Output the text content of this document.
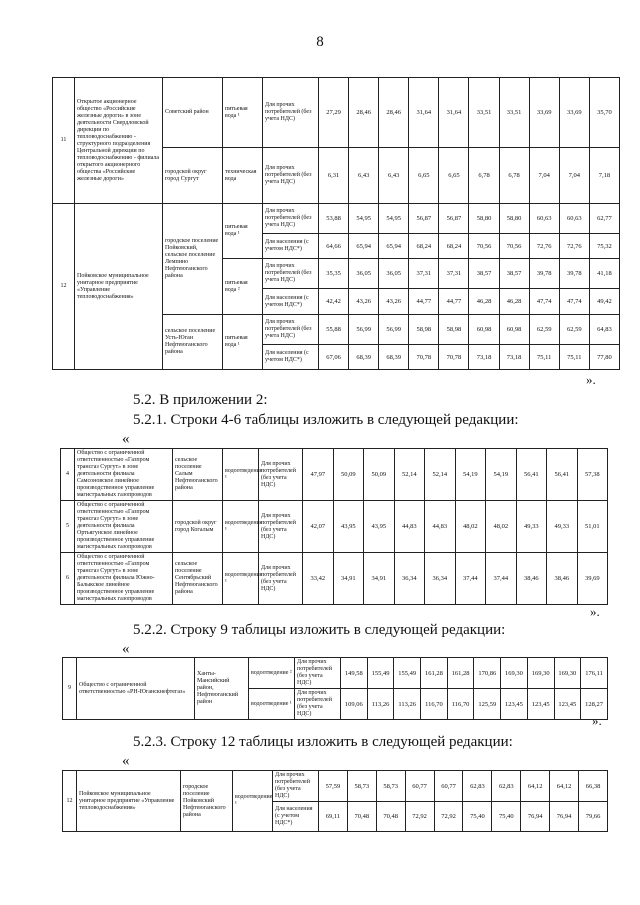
8
11	Открытое акционерное общество «Российские железные дороги» в зоне деятельности Свердловской дирекции по тепловодоснабжению - структурного подразделения Центральной дирекции по тепловодоснабжению - филиала открытого акционерного общества «Российские железные дороги»	Советский район	питьевая вода ¹	Для прочих потребителей (без учета НДС)	27,29	28,46	28,46	31,64	31,64	33,51	33,51	33,69	33,69	35,70
		городской округ город Сургут	техническая вода	Для прочих потребителей (без учета НДС)	6,31	6,43	6,43	6,65	6,65	6,78	6,78	7,04	7,04	7,18
12	Пойковское муниципальное унитарное предприятие «Управление тепловодоснабжения»	городское поселение Пойковский, сельское поселение Лемпино Нефтеюганского района	питьевая вода ¹	Для прочих потребителей (без учета НДС)	53,88	54,95	54,95	56,87	56,87	58,80	58,80	60,63	60,63	62,77
				Для населения (с учетом НДС*)	64,66	65,94	65,94	68,24	68,24	70,56	70,56	72,76	72,76	75,32
			питьевая вода ²	Для прочих потребителей (без учета НДС)	35,35	36,05	36,05	37,31	37,31	38,57	38,57	39,78	39,78	41,18
				Для населения (с учетом НДС*)	42,42	43,26	43,26	44,77	44,77	46,28	46,28	47,74	47,74	49,42
		сельское поселение Усть-Юган Нефтеюганского района	питьевая вода ¹	Для прочих потребителей (без учета НДС)	55,88	56,99	56,99	58,98	58,98	60,98	60,98	62,59	62,59	64,83
				Для населения (с учетом НДС*)	67,06	68,39	68,39	70,78	70,78	73,18	73,18	75,11	75,11	77,80
».
5.2. В приложении 2:
5.2.1. Строки 4-6 таблицы изложить в следующей редакции:
«
4	Общество с ограниченной ответственностью «Газпром трансгаз Сургут» в зоне деятельности филиала Самсоновское линейное производственное управление магистральных газопроводов	сельское поселение Салым Нефтеюганского района	водоотведение ¹	Для прочих потребителей (без учета НДС)	47,97	50,09	50,09	52,14	52,14	54,19	54,19	56,41	56,41	57,38
5	Общество с ограниченной ответственностью «Газпром трансгаз Сургут» в зоне деятельности филиала Ортьягунское линейное производственное управление магистральных газопроводов	городской округ город Когалым	водоотведение ¹	Для прочих потребителей (без учета НДС)	42,07	43,95	43,95	44,83	44,83	48,02	48,02	49,33	49,33	51,01
6	Общество с ограниченной ответственностью «Газпром трансгаз Сургут» в зоне деятельности филиала Южно-Балыкское линейное производственное управление магистральных газопроводов	сельское поселение Сентябрьский Нефтеюганского района	водоотведение ¹	Для прочих потребителей (без учета НДС)	33,42	34,91	34,91	36,34	36,34	37,44	37,44	38,46	38,46	39,69
».
5.2.2. Строку 9 таблицы изложить в следующей редакции:
«
9	Общество с ограниченной ответственностью «РН-Юганскнефтегаз»	Ханты-Мансийский район, Нефтеюганский район	водоотведение ²	Для прочих потребителей (без учета НДС)	149,58	155,49	155,49	161,28	161,28	170,86	169,30	169,30	169,30	176,11
			водоотведение ¹	Для прочих потребителей (без учета НДС)	109,06	113,26	113,26	116,70	116,70	125,59	123,45	123,45	123,45	128,27
».
5.2.3. Строку 12 таблицы изложить в следующей редакции:
«
12	Пойковское муниципальное унитарное предприятие «Управление тепловодоснабжения»	городское поселение Пойковский Нефтеюганского района	водоотведение ¹	Для прочих потребителей (без учета НДС)	57,59	58,73	58,73	60,77	60,77	62,83	62,83	64,12	64,12	66,38
				Для населения (с учетом НДС*)	69,11	70,48	70,48	72,92	72,92	75,40	75,40	76,94	76,94	79,66
